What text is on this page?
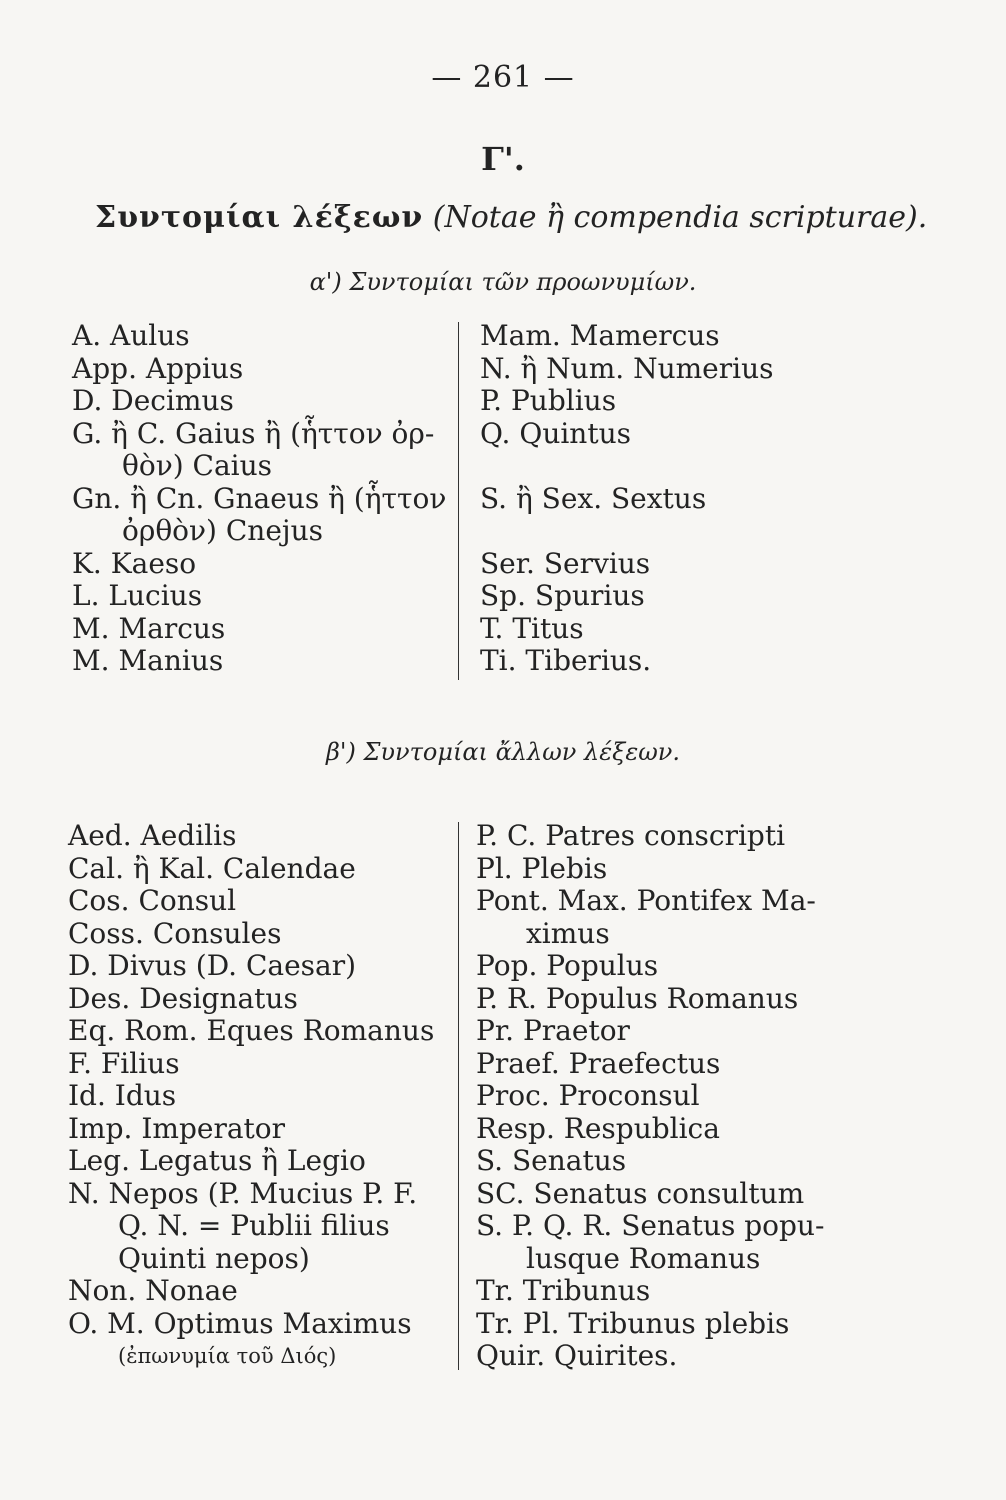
— 261 —
Γ'.
Συντομίαι λέξεων (Notae ἢ compendia scripturae).
α') Συντομίαι τῶν προωνυμίων.
A. Aulus
App. Appius
D. Decimus
G. ἢ C. Gaius ἢ (ἧττον ὀρ-
θὸν) Caius
Gn. ἢ Cn. Gnaeus ἢ (ἧττον
ὀρθὸν) Cnejus
K. Kaeso
L. Lucius
M. Marcus
M. Manius
Mam. Mamercus
N. ἢ Num. Numerius
P. Publius
Q. Quintus
S. ἢ Sex. Sextus
Ser. Servius
Sp. Spurius
T. Titus
Ti. Tiberius.
β') Συντομίαι ἄλλων λέξεων.
Aed. Aedilis
Cal. ἢ Kal. Calendae
Cos. Consul
Coss. Consules
D. Divus (D. Caesar)
Des. Designatus
Eq. Rom. Eques Romanus
F. Filius
Id. Idus
Imp. Imperator
Leg. Legatus ἢ Legio
N. Nepos (P. Mucius P. F.
Q. N. = Publii filius
Quinti nepos)
Non. Nonae
O. M. Optimus Maximus
(ἐπωνυμία τοῦ Διός)
P. C. Patres conscripti
Pl. Plebis
Pont. Max. Pontifex Ma-
ximus
Pop. Populus
P. R. Populus Romanus
Pr. Praetor
Praef. Praefectus
Proc. Proconsul
Resp. Respublica
S. Senatus
SC. Senatus consultum
S. P. Q. R. Senatus popu-
lusque Romanus
Tr. Tribunus
Tr. Pl. Tribunus plebis
Quir. Quirites.
